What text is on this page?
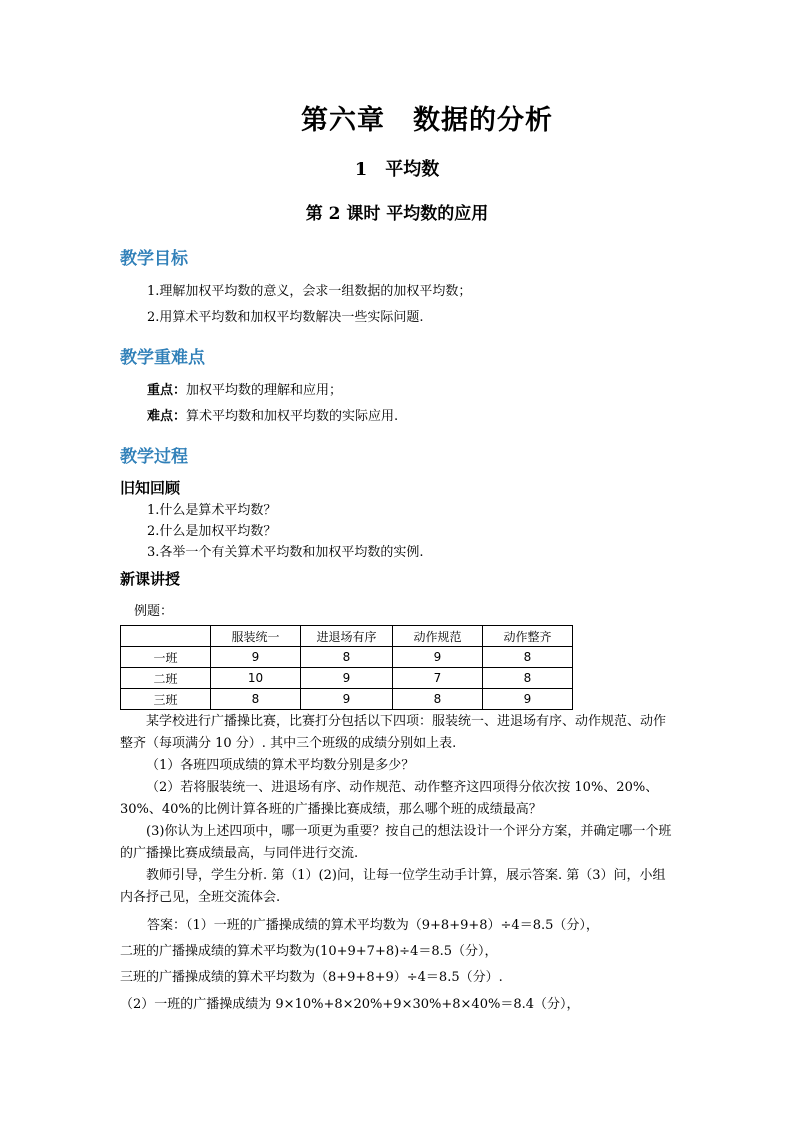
第六章　数据的分析
1　平均数
第 2 课时 平均数的应用
教学目标
1.理解加权平均数的意义，会求一组数据的加权平均数；
2.用算术平均数和加权平均数解决一些实际问题.
教学重难点
重点：加权平均数的理解和应用；
难点：算术平均数和加权平均数的实际应用.
教学过程
旧知回顾
1.什么是算术平均数？
2.什么是加权平均数？
3.各举一个有关算术平均数和加权平均数的实例.
新课讲授
例题：
	服装统一	进退场有序	动作规范	动作整齐
一班	9	8	9	8
二班	10	9	7	8
三班	8	9	8	9
某学校进行广播操比赛，比赛打分包括以下四项：服装统一、进退场有序、动作规范、动作整齐（每项满分 10 分）. 其中三个班级的成绩分别如上表.
（1）各班四项成绩的算术平均数分别是多少？
（2）若将服装统一、进退场有序、动作规范、动作整齐这四项得分依次按 10%、20%、30%、40%的比例计算各班的广播操比赛成绩，那么哪个班的成绩最高？
(3)你认为上述四项中，哪一项更为重要？按自己的想法设计一个评分方案，并确定哪一个班的广播操比赛成绩最高，与同伴进行交流.
教师引导，学生分析. 第（1）(2)问，让每一位学生动手计算，展示答案. 第（3）问，小组内各抒己见，全班交流体会.
答案：（1）一班的广播操成绩的算术平均数为（9+8+9+8）÷4＝8.5（分），
二班的广播操成绩的算术平均数为(10+9+7+8)÷4＝8.5（分），
三班的广播操成绩的算术平均数为（8+9+8+9）÷4＝8.5（分）.
（2）一班的广播操成绩为 9×10%+8×20%+9×30%+8×40%＝8.4（分），
